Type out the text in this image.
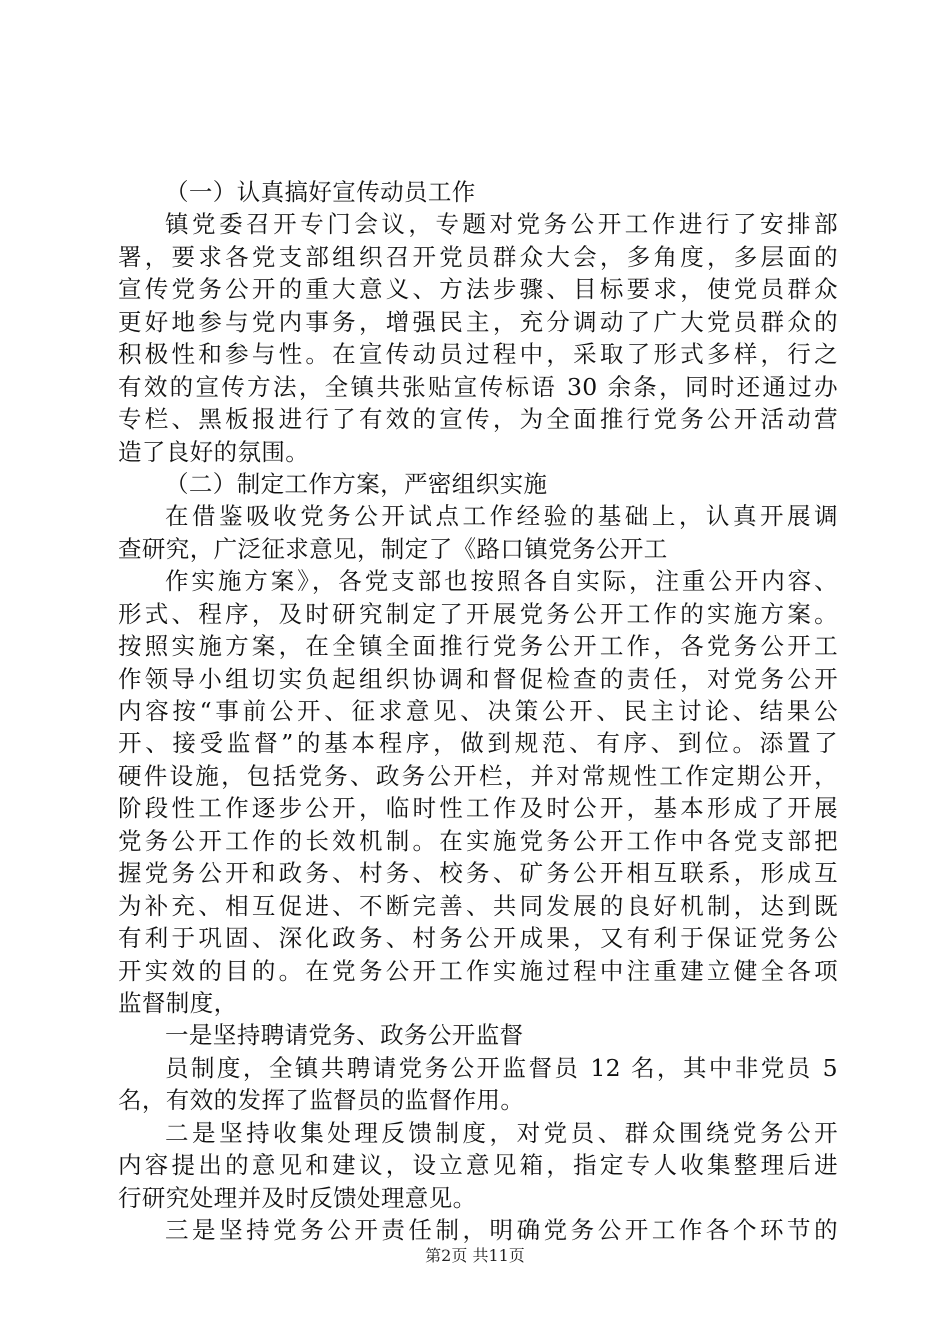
（一）认真搞好宣传动员工作
镇党委召开专门会议，专题对党务公开工作进行了安排部
署，要求各党支部组织召开党员群众大会，多角度，多层面的
宣传党务公开的重大意义、方法步骤、目标要求，使党员群众
更好地参与党内事务，增强民主，充分调动了广大党员群众的
积极性和参与性。在宣传动员过程中，采取了形式多样，行之
有效的宣传方法，全镇共张贴宣传标语 30 余条，同时还通过办
专栏、黑板报进行了有效的宣传，为全面推行党务公开活动营
造了良好的氛围。
（二）制定工作方案，严密组织实施
在借鉴吸收党务公开试点工作经验的基础上，认真开展调
查研究，广泛征求意见，制定了《路口镇党务公开工
作实施方案》，各党支部也按照各自实际，注重公开内容、
形式、程序，及时研究制定了开展党务公开工作的实施方案。
按照实施方案，在全镇全面推行党务公开工作，各党务公开工
作领导小组切实负起组织协调和督促检查的责任，对党务公开
内容按“事前公开、征求意见、决策公开、民主讨论、结果公
开、接受监督”的基本程序，做到规范、有序、到位。添置了
硬件设施，包括党务、政务公开栏，并对常规性工作定期公开，
阶段性工作逐步公开，临时性工作及时公开，基本形成了开展
党务公开工作的长效机制。在实施党务公开工作中各党支部把
握党务公开和政务、村务、校务、矿务公开相互联系，形成互
为补充、相互促进、不断完善、共同发展的良好机制，达到既
有利于巩固、深化政务、村务公开成果，又有利于保证党务公
开实效的目的。在党务公开工作实施过程中注重建立健全各项
监督制度，
一是坚持聘请党务、政务公开监督
员制度，全镇共聘请党务公开监督员 12 名，其中非党员 5
名，有效的发挥了监督员的监督作用。
二是坚持收集处理反馈制度，对党员、群众围绕党务公开
内容提出的意见和建议，设立意见箱，指定专人收集整理后进
行研究处理并及时反馈处理意见。
三是坚持党务公开责任制，明确党务公开工作各个环节的
第2页 共11页
